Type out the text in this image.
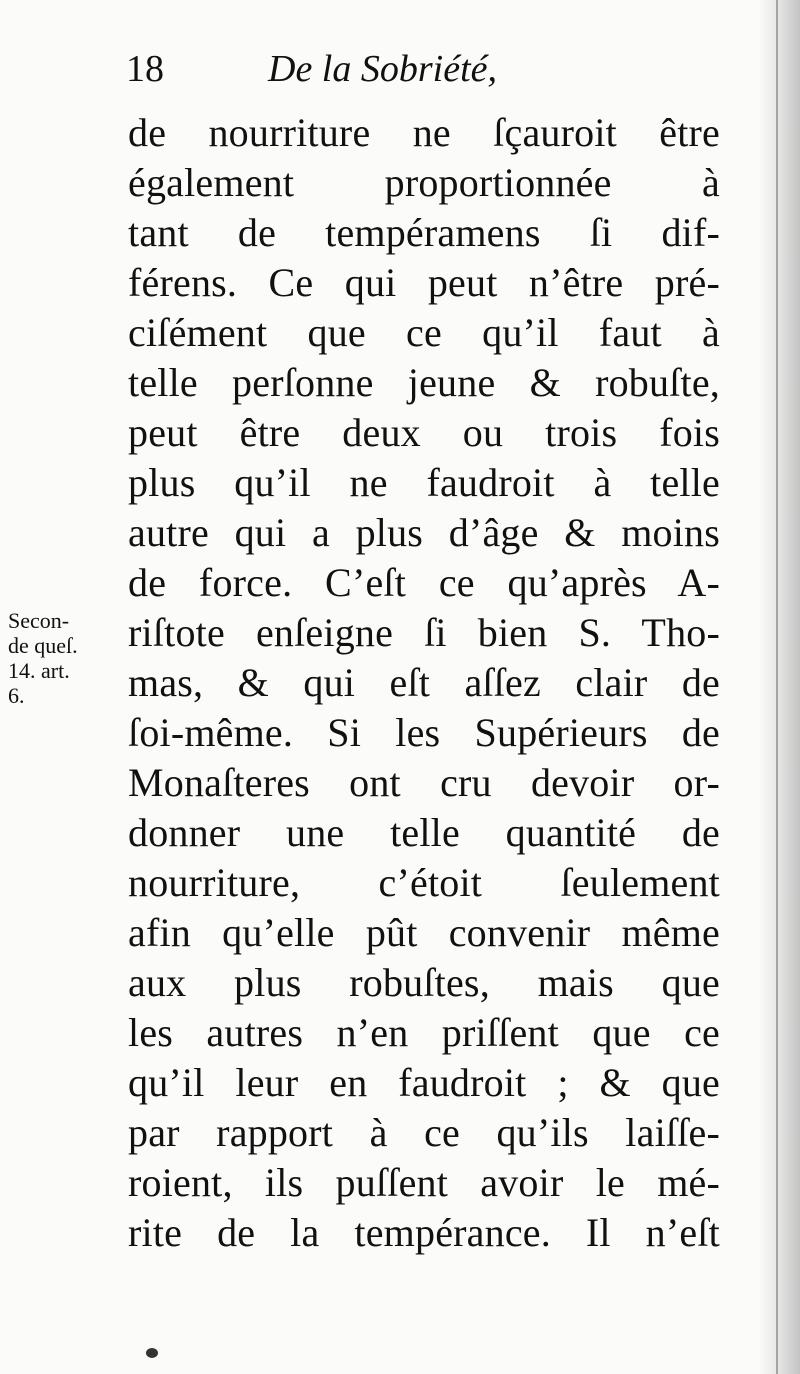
18	De la Sobriété,
Secon-
de queſ.
14. art.
6.
de nourriture ne ſçauroit être
également proportionnée à
tant de tempéramens ſi dif-
férens. Ce qui peut n’être pré-
ciſément que ce qu’il faut à
telle perſonne jeune & robuſte,
peut être deux ou trois fois
plus qu’il ne faudroit à telle
autre qui a plus d’âge & moins
de force. C’eſt ce qu’après A-
riſtote enſeigne ſi bien S. Tho-
mas, & qui eſt aſſez clair de
ſoi-même. Si les Supérieurs de
Monaſteres ont cru devoir or-
donner une telle quantité de
nourriture, c’étoit ſeulement
afin qu’elle pût convenir même
aux plus robuſtes, mais que
les autres n’en priſſent que ce
qu’il leur en faudroit ; & que
par rapport à ce qu’ils laiſſe-
roient, ils puſſent avoir le mé-
rite de la tempérance. Il n’eſt
